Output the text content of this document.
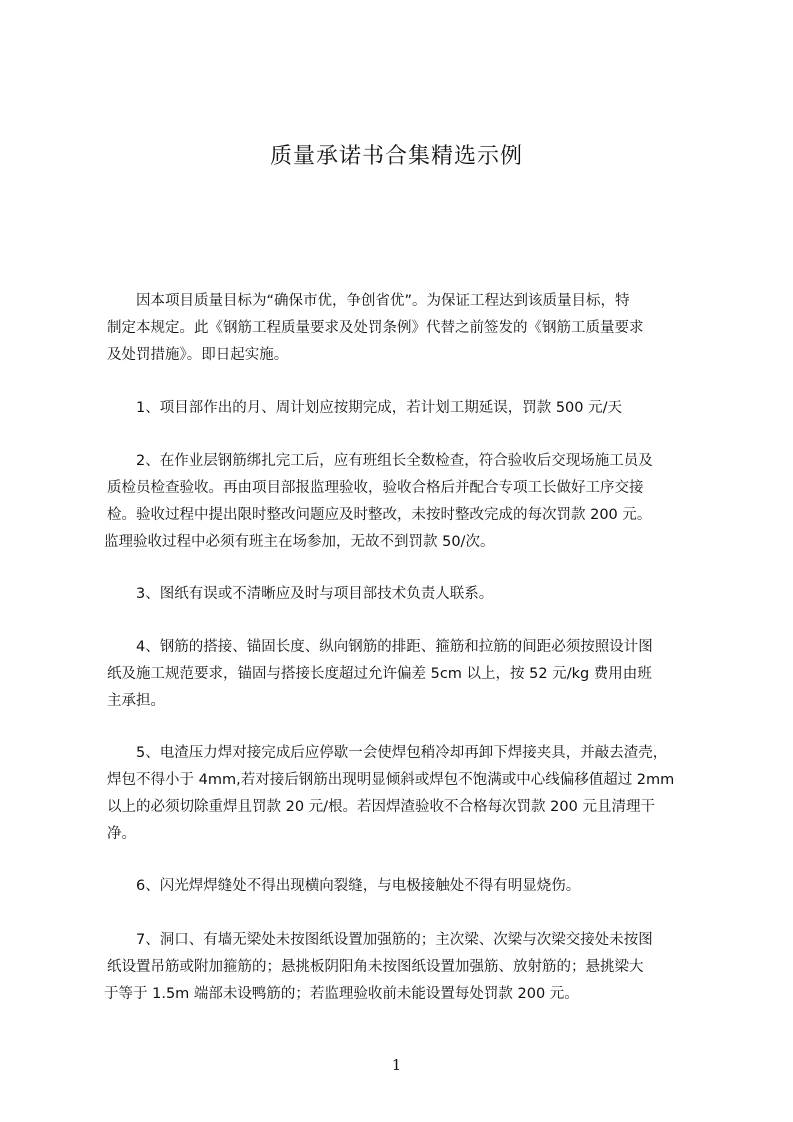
质量承诺书合集精选示例
因本项目质量目标为“确保市优，争创省优”。为保证工程达到该质量目标，特
制定本规定。此《钢筋工程质量要求及处罚条例》代替之前签发的《钢筋工质量要求
及处罚措施》。即日起实施。
1、项目部作出的月、周计划应按期完成，若计划工期延误，罚款 500 元/天
2、在作业层钢筋绑扎完工后，应有班组长全数检查，符合验收后交现场施工员及
质检员检查验收。再由项目部报监理验收，验收合格后并配合专项工长做好工序交接
检。验收过程中提出限时整改问题应及时整改，未按时整改完成的每次罚款 200 元。
监理验收过程中必须有班主在场参加，无故不到罚款 50/次。
3、图纸有误或不清晰应及时与项目部技术负责人联系。
4、钢筋的搭接、锚固长度、纵向钢筋的排距、箍筋和拉筋的间距必须按照设计图
纸及施工规范要求，锚固与搭接长度超过允许偏差 5cm 以上，按 52 元/kg 费用由班
主承担。
5、电渣压力焊对接完成后应停歇一会使焊包稍冷却再卸下焊接夹具，并敲去渣壳，
焊包不得小于 4mm,若对接后钢筋出现明显倾斜或焊包不饱满或中心线偏移值超过 2mm
以上的必须切除重焊且罚款 20 元/根。若因焊渣验收不合格每次罚款 200 元且清理干
净。
6、闪光焊焊缝处不得出现横向裂缝，与电极接触处不得有明显烧伤。
7、洞口、有墙无梁处未按图纸设置加强筋的；主次梁、次梁与次梁交接处未按图
纸设置吊筋或附加箍筋的；悬挑板阴阳角未按图纸设置加强筋、放射筋的；悬挑梁大
于等于 1.5m 端部未设鸭筋的；若监理验收前未能设置每处罚款 200 元。
1
